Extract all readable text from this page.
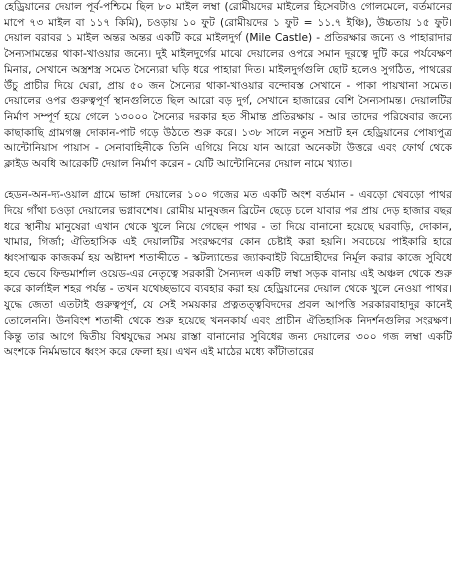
হেড্রিয়ানের দেয়াল পূর্ব-পশ্চিমে ছিল ৮০ মাইল লম্বা (রোমীয়দের মাইলের হিসেবটাও গোলমেলে, বর্তমানের মাপে ৭৩ মাইল বা ১১৭ কিমি), চওড়ায় ১০ ফুট (রোমীয়দের ১ ফুট = ১১.৭ ইঞ্চি), উচ্চতায় ১৫ ফুট। দেয়াল বরাবর ১ মাইল অন্তর অন্তর একটি করে মাইলদুর্গ (Mile Castle) - প্রতিরক্ষার জন্যে ও পাহারাদার সৈন্যসামন্তের থাকা-খাওয়ার জন্যে। দুই মাইলদুর্গের মাঝে দেয়ালের ওপরে সমান দূরত্বে দুটি করে পর্যবেক্ষণ মিনার, সেখানে অস্ত্রশস্ত্র সমেত সৈন্যেরা ঘড়ি ধরে পাহারা দিত। মাইলদুর্গগুলি ছোট হলেও সুগঠিত, পাথরের উঁচু প্রাচীর দিয়ে ঘেরা, প্রায় ৫০ জন সৈন্যের থাকা-খাওয়ার বন্দোবস্ত সেখানে - পাকা পায়খানা সমেত। দেয়ালের ওপর গুরুত্বপূর্ণ স্থানগুলিতে ছিল আরো বড় দুর্গ, সেখানে হাজারের বেশি সৈন্যসামন্ত। দেয়ালটির নির্মাণ সম্পূর্ণ হয়ে গেলে ১৩০০০ সৈন্যের দরকার হত সীমান্ত প্রতিরক্ষায় - আর তাদের পরিষেবার জন্যে কাছাকাছি গ্রামগঞ্জ দোকান-পাট গড়ে উঠতে শুরু করে। ১৩৮ সালে নতুন সম্রাট হন হেড্রিয়ানের পোষ্যপুত্র আন্টোনিয়াস পায়াস - সেনাবাহিনীকে তিনি এগিয়ে নিয়ে যান আরো অনেকটা উত্তরে এবং ফোর্থ থেকে ক্লাইড অবধি আরেকটি দেয়াল নির্মাণ করেন - যেটি আন্টোনিনের দেয়াল নামে খ্যাত।

হেডন-অন-দ্য-ওয়াল গ্রামে ভাঙ্গা দেয়ালের ১০০ গজের মত একটি অংশ বর্তমান - এবড়ো খেবড়ো পাথর দিয়ে গাঁথা চওড়া দেয়ালের ভগ্নাবশেষ। রোমীয় মানুষজন ব্রিটেন ছেড়ে চলে যাবার পর প্রায় দেড় হাজার বছর ধরে স্থানীয় মানুষেরা এখান থেকে খুলে নিয়ে গেছেন পাথর - তা দিয়ে বানানো হয়েছে ঘরবাড়ি, দোকান, খামার, গির্জা; ঐতিহাসিক এই দেয়ালটির সংরক্ষণের কোন চেষ্টাই করা হয়নি। সবচেয়ে পাইকারি হারে ধ্বংসাত্মক কাজকর্ম হয় অষ্টাদশ শতাব্দীতে - স্কটল্যান্ডের জ্যাকবাইট বিদ্রোহীদের নির্মূল করার কাজে সুবিধে হবে ভেবে ফিল্ডমার্শাল ওয়েড-এর নেতৃত্বে সরকারী সৈন্যদল একটি লম্বা সড়ক বানায় এই অঞ্চল থেকে শুরু করে কার্লাইল শহর পর্যন্ত - তখন যথেচ্ছভাবে ব্যবহার করা হয় হেড্রিয়ানের দেয়াল থেকে খুলে নেওয়া পাথর। যুদ্ধে জেতা এতটাই গুরুত্বপূর্ণ, যে সেই সময়কার প্রত্নতত্ত্ববিদদের প্রবল আপত্তি সরকারবাহাদুর কানেই তোলেননি। উনবিংশ শতাব্দী থেকে শুরু হয়েছে খননকার্য এবং প্রাচীন ঐতিহাসিক নিদর্শনগুলির সংরক্ষণ। কিন্তু তার আগে দ্বিতীয় বিশ্বযুদ্ধের সময় রাস্তা বানানোর সুবিধের জন্য দেয়ালের ৩০০ গজ লম্বা একটি অংশকে নির্মমভাবে ধ্বংস করে ফেলা হয়। এখন এই মাঠের মধ্যে কাঁটাতারের
